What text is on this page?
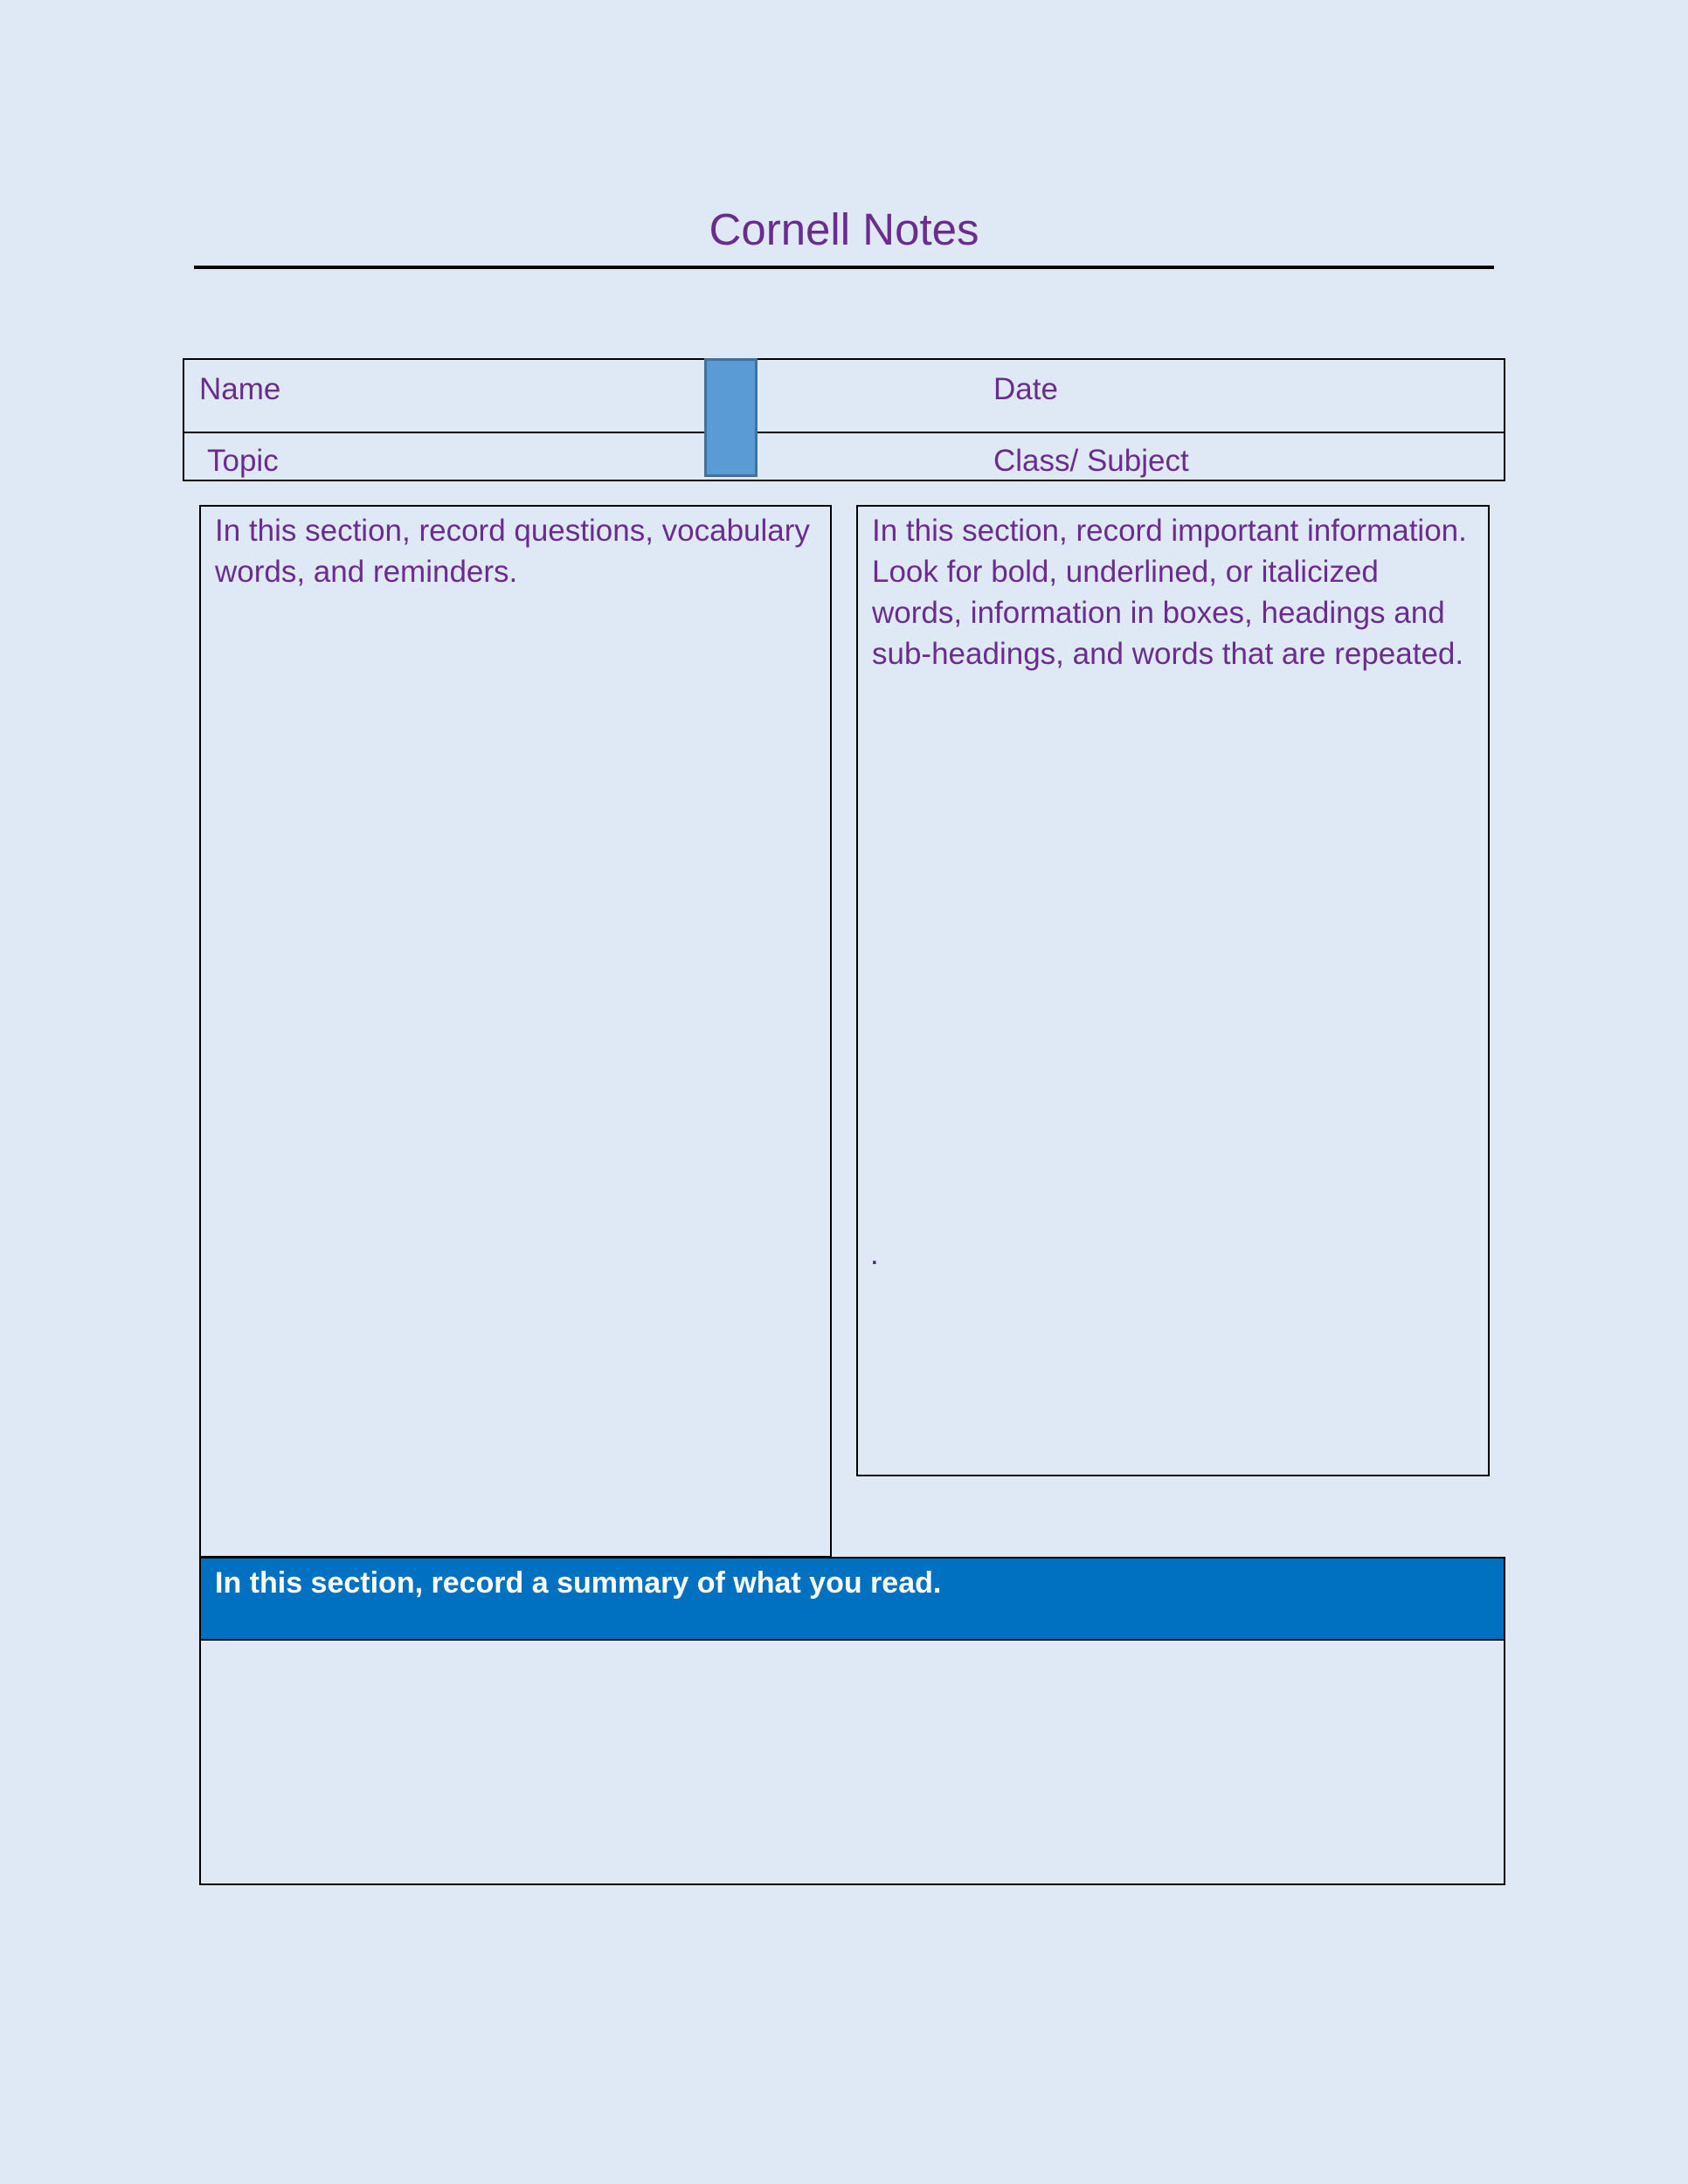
Cornell Notes
Name	Date
Topic	Class/ Subject
In this section, record questions, vocabulary words, and reminders.
In this section, record important information. Look for bold, underlined, or italicized words, information in boxes, headings and sub-headings, and words that are repeated.
.
In this section, record a summary of what you read.
